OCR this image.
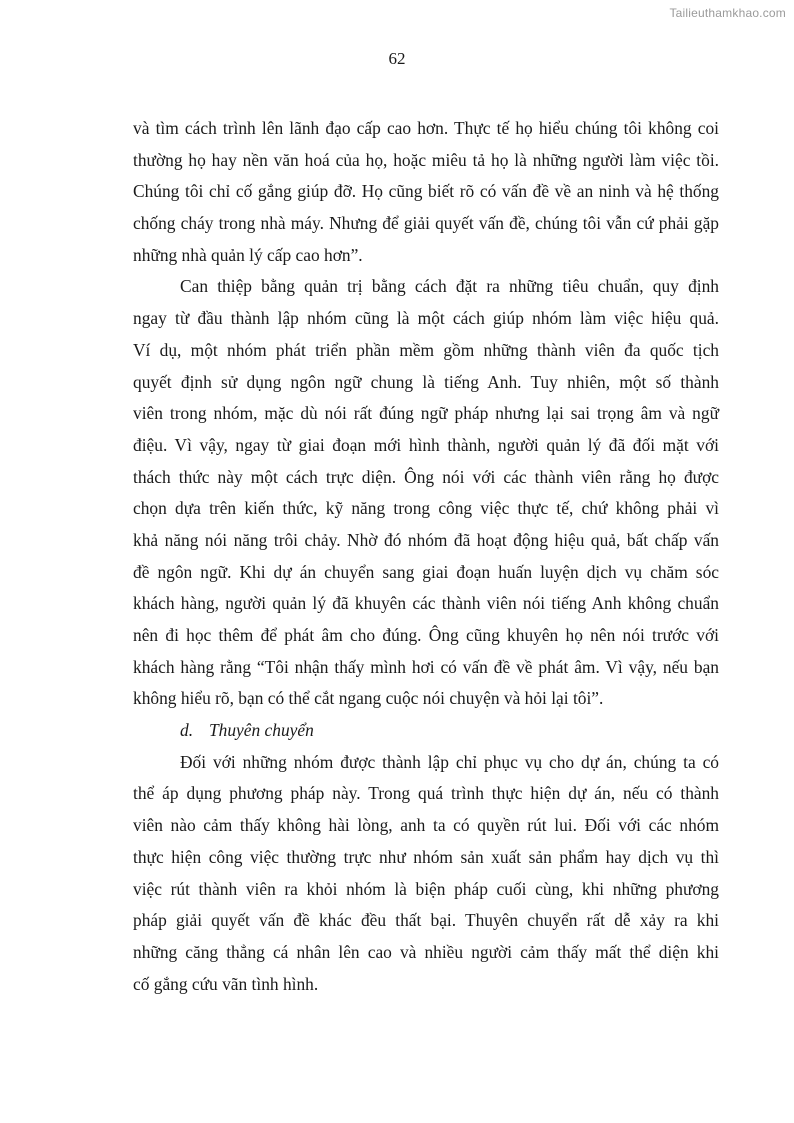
Tailieuthamkhao.com
62
và tìm cách trình lên lãnh đạo cấp cao hơn. Thực tế họ hiểu chúng tôi không coi
thường họ hay nền văn hoá của họ, hoặc miêu tả họ là những người làm việc tồi.
Chúng tôi chỉ cố gắng giúp đỡ. Họ cũng biết rõ có vấn đề về an ninh và hệ thống
chống cháy trong nhà máy. Nhưng để giải quyết vấn đề, chúng tôi vẫn cứ phải gặp
những nhà quản lý cấp cao hơn”.
Can thiệp bằng quản trị bằng cách đặt ra những tiêu chuẩn, quy định
ngay từ đầu thành lập nhóm cũng là một cách giúp nhóm làm việc hiệu quả.
Ví dụ, một nhóm phát triển phần mềm gồm những thành viên đa quốc tịch
quyết định sử dụng ngôn ngữ chung là tiếng Anh. Tuy nhiên, một số thành
viên trong nhóm, mặc dù nói rất đúng ngữ pháp nhưng lại sai trọng âm và ngữ
điệu. Vì vậy, ngay từ giai đoạn mới hình thành, người quản lý đã đối mặt với
thách thức này một cách trực diện. Ông nói với các thành viên rằng họ được
chọn dựa trên kiến thức, kỹ năng trong công việc thực tế, chứ không phải vì
khả năng nói năng trôi chảy. Nhờ đó nhóm đã hoạt động hiệu quả, bất chấp vấn
đề ngôn ngữ. Khi dự án chuyển sang giai đoạn huấn luyện dịch vụ chăm sóc
khách hàng, người quản lý đã khuyên các thành viên nói tiếng Anh không chuẩn
nên đi học thêm để phát âm cho đúng. Ông cũng khuyên họ nên nói trước với
khách hàng rằng “Tôi nhận thấy mình hơi có vấn đề về phát âm. Vì vậy, nếu bạn
không hiểu rõ, bạn có thể cắt ngang cuộc nói chuyện và hỏi lại tôi”.
d. Thuyên chuyển
Đối với những nhóm được thành lập chỉ phục vụ cho dự án, chúng ta có
thể áp dụng phương pháp này. Trong quá trình thực hiện dự án, nếu có thành
viên nào cảm thấy không hài lòng, anh ta có quyền rút lui. Đối với các nhóm
thực hiện công việc thường trực như nhóm sản xuất sản phẩm hay dịch vụ thì
việc rút thành viên ra khỏi nhóm là biện pháp cuối cùng, khi những phương
pháp giải quyết vấn đề khác đều thất bại. Thuyên chuyển rất dễ xảy ra khi
những căng thẳng cá nhân lên cao và nhiều người cảm thấy mất thể diện khi
cố gắng cứu vãn tình hình.
